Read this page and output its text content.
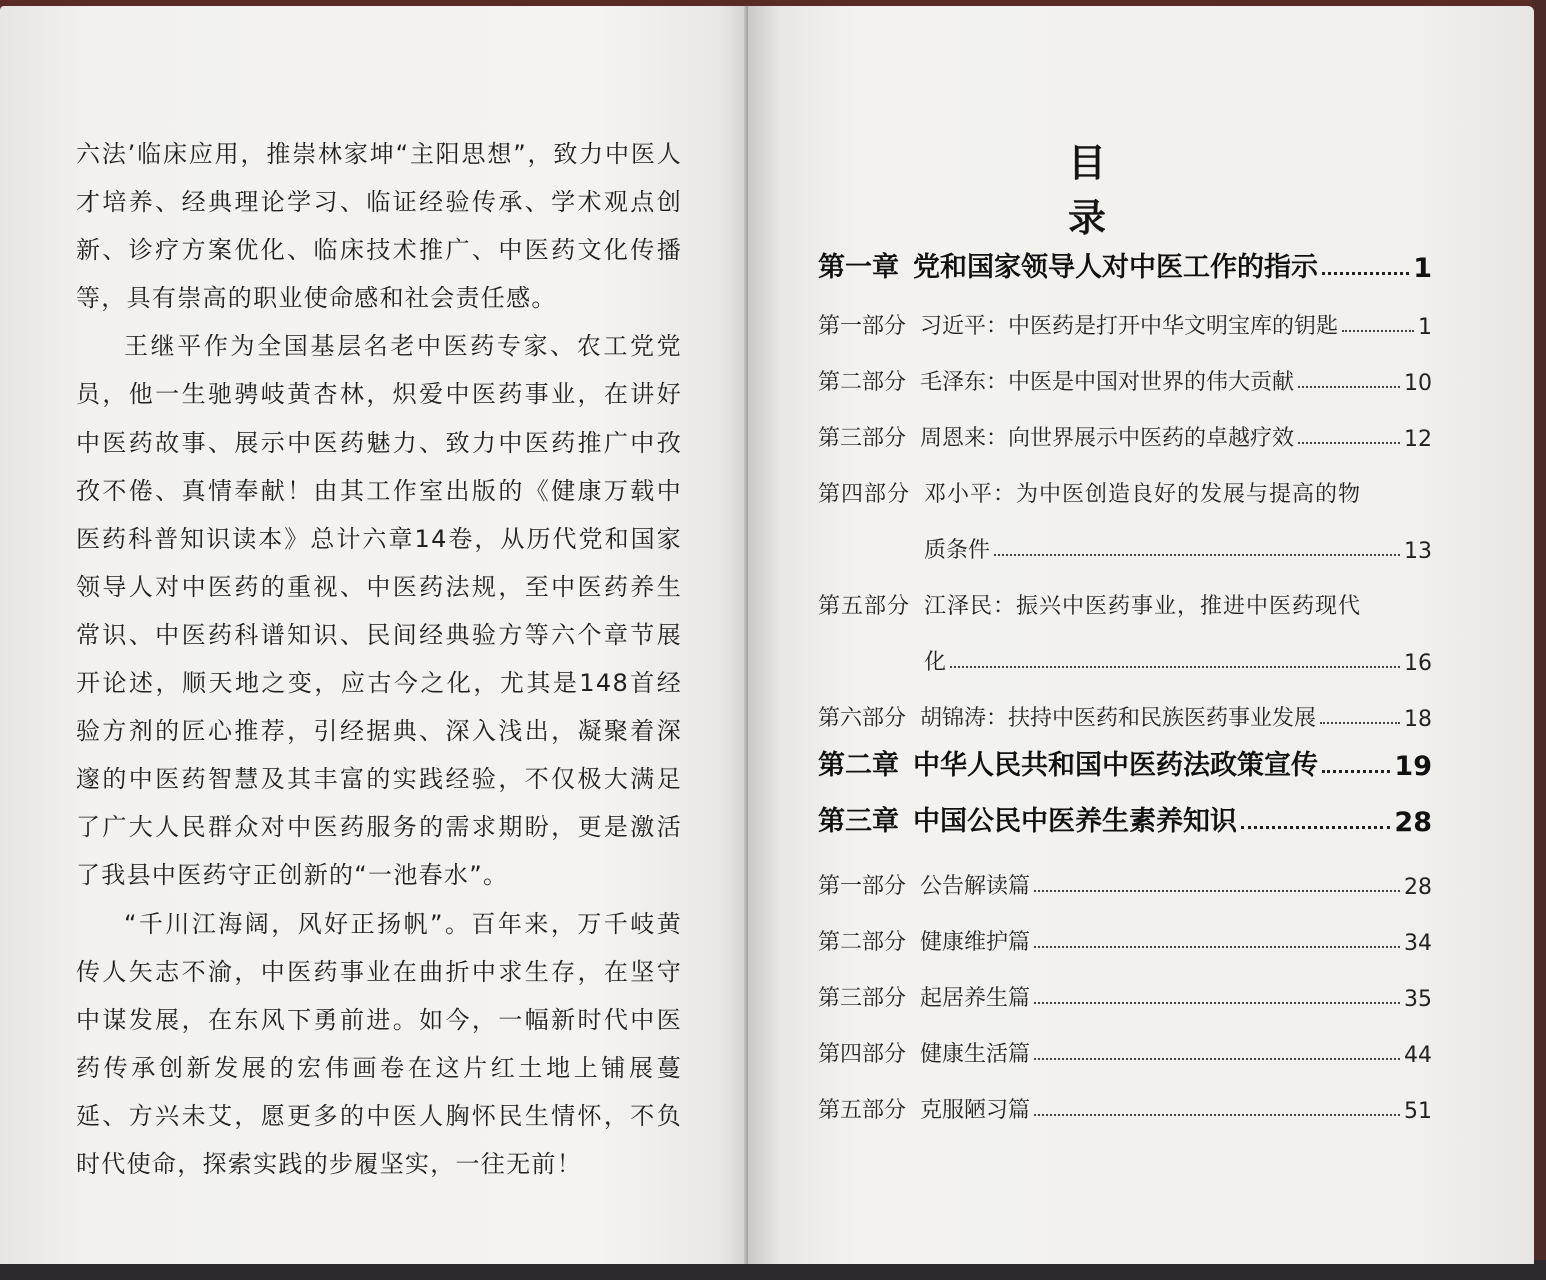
六法’临床应用，推崇林家坤“主阳思想”，致力中医人才培养、经典理论学习、临证经验传承、学术观点创新、诊疗方案优化、临床技术推广、中医药文化传播等，具有崇高的职业使命感和社会责任感。

王继平作为全国基层名老中医药专家、农工党党员，他一生驰骋岐黄杏林，炽爱中医药事业，在讲好中医药故事、展示中医药魅力、致力中医药推广中孜孜不倦、真情奉献！由其工作室出版的《健康万载中医药科普知识读本》总计六章14卷，从历代党和国家领导人对中医药的重视、中医药法规，至中医药养生常识、中医药科谱知识、民间经典验方等六个章节展开论述，顺天地之变，应古今之化，尤其是148首经验方剂的匠心推荐，引经据典、深入浅出，凝聚着深邃的中医药智慧及其丰富的实践经验，不仅极大满足了广大人民群众对中医药服务的需求期盼，更是激活了我县中医药守正创新的“一池春水”。

“千川江海阔，风好正扬帆”。百年来，万千岐黄传人矢志不渝，中医药事业在曲折中求生存，在坚守中谋发展，在东风下勇前进。如今，一幅新时代中医药传承创新发展的宏伟画卷在这片红土地上铺展蔓延、方兴未艾，愿更多的中医人胸怀民生情怀，不负时代使命，探索实践的步履坚实，一往无前！

目 录
第一章 党和国家领导人对中医工作的指示	1
第一部分 习近平：中医药是打开中华文明宝库的钥匙	1
第二部分 毛泽东：中医是中国对世界的伟大贡献	10
第三部分 周恩来：向世界展示中医药的卓越疗效	12
第四部分 邓小平：为中医创造良好的发展与提高的物
质条件	13
第五部分 江泽民：振兴中医药事业，推进中医药现代
化	16
第六部分 胡锦涛：扶持中医药和民族医药事业发展	18
第二章 中华人民共和国中医药法政策宣传	19
第三章 中国公民中医养生素养知识	28
第一部分 公告解读篇	28
第二部分 健康维护篇	34
第三部分 起居养生篇	35
第四部分 健康生活篇	44
第五部分 克服陋习篇	51
